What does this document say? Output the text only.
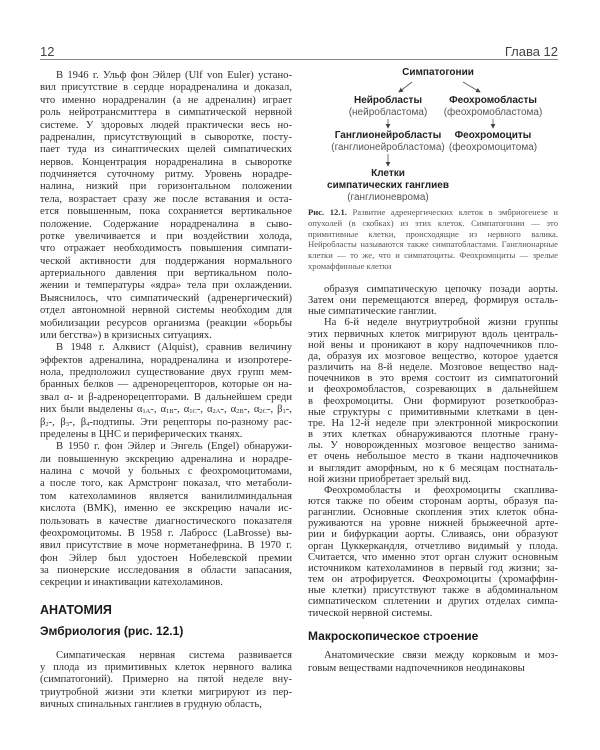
12	Глава 12
В 1946 г. Ульф фон Эйлер (Ulf von Euler) устано-
вил присутствие в сердце норадреналина и доказал,
что именно норадреналин (а не адреналин) играет
роль нейротрансмиттера в симпатической нервной
системе. У здоровых людей практически весь но-
радреналин, присутствующий в сыворотке, посту-
пает туда из синаптических щелей симпатических
нервов. Концентрация норадреналина в сыворотке
подчиняется суточному ритму. Уровень норадре-
налина, низкий при горизонтальном положении
тела, возрастает сразу же после вставания и оста-
ется повышенным, пока сохраняется вертикальное
положение. Содержание норадреналина в сыво-
ротке увеличивается и при воздействии холода,
что отражает необходимость повышения симпати-
ческой активности для поддержания нормального
артериального давления при вертикальном поло-
жении и температуры «ядра» тела при охлаждении.
Выяснилось, что симпатический (адренергический)
отдел автономной нервной системы необходим для
мобилизации ресурсов организма (реакции «борьбы
или бегства») в кризисных ситуациях.
В 1948 г. Алквист (Alquist), сравнив величину
эффектов адреналина, норадреналина и изопротере-
нола, предположил существование двух групп мем-
бранных белков — адренорецепторов, которые он на-
звал α- и β-адренорецепторами. В дальнейшем среди
них были выделены $\alpha_{1A}-$, $\alpha_{1B}-$, $\alpha_{1C}-$, $\alpha_{2A}-$, $\alpha_{2B}-$, $\alpha_{2C}-$, $\beta_1-$,
$\beta_2-$, $\beta_3-$, $\beta_4$-подтипы. Эти рецепторы по-разному рас-
пределены в ЦНС и периферических тканях.
В 1950 г. фон Эйлер и Энгель (Engel) обнаружи-
ли повышенную экскрецию адреналина и норадре-
налина с мочой у больных с феохромоцитомами,
а после того, как Армстронг показал, что метаболи-
том катехоламинов является ванилилминдальная
кислота (ВМК), именно ее экскрецию начали ис-
пользовать в качестве диагностического показателя
феохромоцитомы. В 1958 г. Лабросс (LaBrosse) вы-
явил присутствие в моче норметанефрина. В 1970 г.
фон Эйлер был удостоен Нобелевской премии
за пионерские исследования в области запасания,
секреции и инактивации катехоламинов.
АНАТОМИЯ
Эмбриология (рис. 12.1)
Симпатическая нервная система развивается
у плода из примитивных клеток нервного валика
(симпатогоний). Примерно на пятой неделе вну-
триутробной жизни эти клетки мигрируют из пер-
вичных спинальных ганглиев в грудную область,
Симпатогонии
Нейробласты
(нейробластома)
Феохромобласты
(феохромобластома)
Ганглионейробласты
(ганглионейробластома)
Феохромоциты
(феохромоцитома)
Клетки
симпатических ганглиев
(ганглионеврома)
Рис. 12.1. Развитие адренергических клеток в эмбриогенезе и опухолей (в скобках) из этих клеток. Симпатогонии — это примитивные клетки, происходящие из нервного валика. Нейробласты называются также симпатобластами. Ганглионарные клетки — то же, что и симпатоциты. Феохромоциты — зрелые хромаффинные клетки
образуя симпатическую цепочку позади аорты.
Затем они перемещаются вперед, формируя осталь-
ные симпатические ганглии.
На 6-й неделе внутриутробной жизни группы
этих первичных клеток мигрируют вдоль централь-
ной вены и проникают в кору надпочечников пло-
да, образуя их мозговое вещество, которое удается
различить на 8-й неделе. Мозговое вещество над-
почечников в это время состоит из симпатогоний
и феохромобластов, созревающих в дальнейшем
в феохромоциты. Они формируют розеткообраз-
ные структуры с примитивными клетками в цен-
тре. На 12-й неделе при электронной микроскопии
в этих клетках обнаруживаются плотные грану-
лы. У новорожденных мозговое вещество занима-
ет очень небольшое место в ткани надпочечников
и выглядит аморфным, но к 6 месяцам постнаталь-
ной жизни приобретает зрелый вид.
Феохромобласты и феохромоциты скаплива-
ются также по обеим сторонам аорты, образуя па-
раганглии. Основные скопления этих клеток обна-
руживаются на уровне нижней брыжеечной арте-
рии и бифуркации аорты. Сливаясь, они образуют
орган Цуккеркандля, отчетливо видимый у плода.
Считается, что именно этот орган служит основным
источником катехоламинов в первый год жизни; за-
тем он атрофируется. Феохромоциты (хромаффин-
ные клетки) присутствуют также в абдоминальном
симпатическом сплетении и других отделах симпа-
тической нервной системы.
Макроскопическое строение
Анатомические связи между корковым и моз-
говым веществами надпочечников неодинаковы
